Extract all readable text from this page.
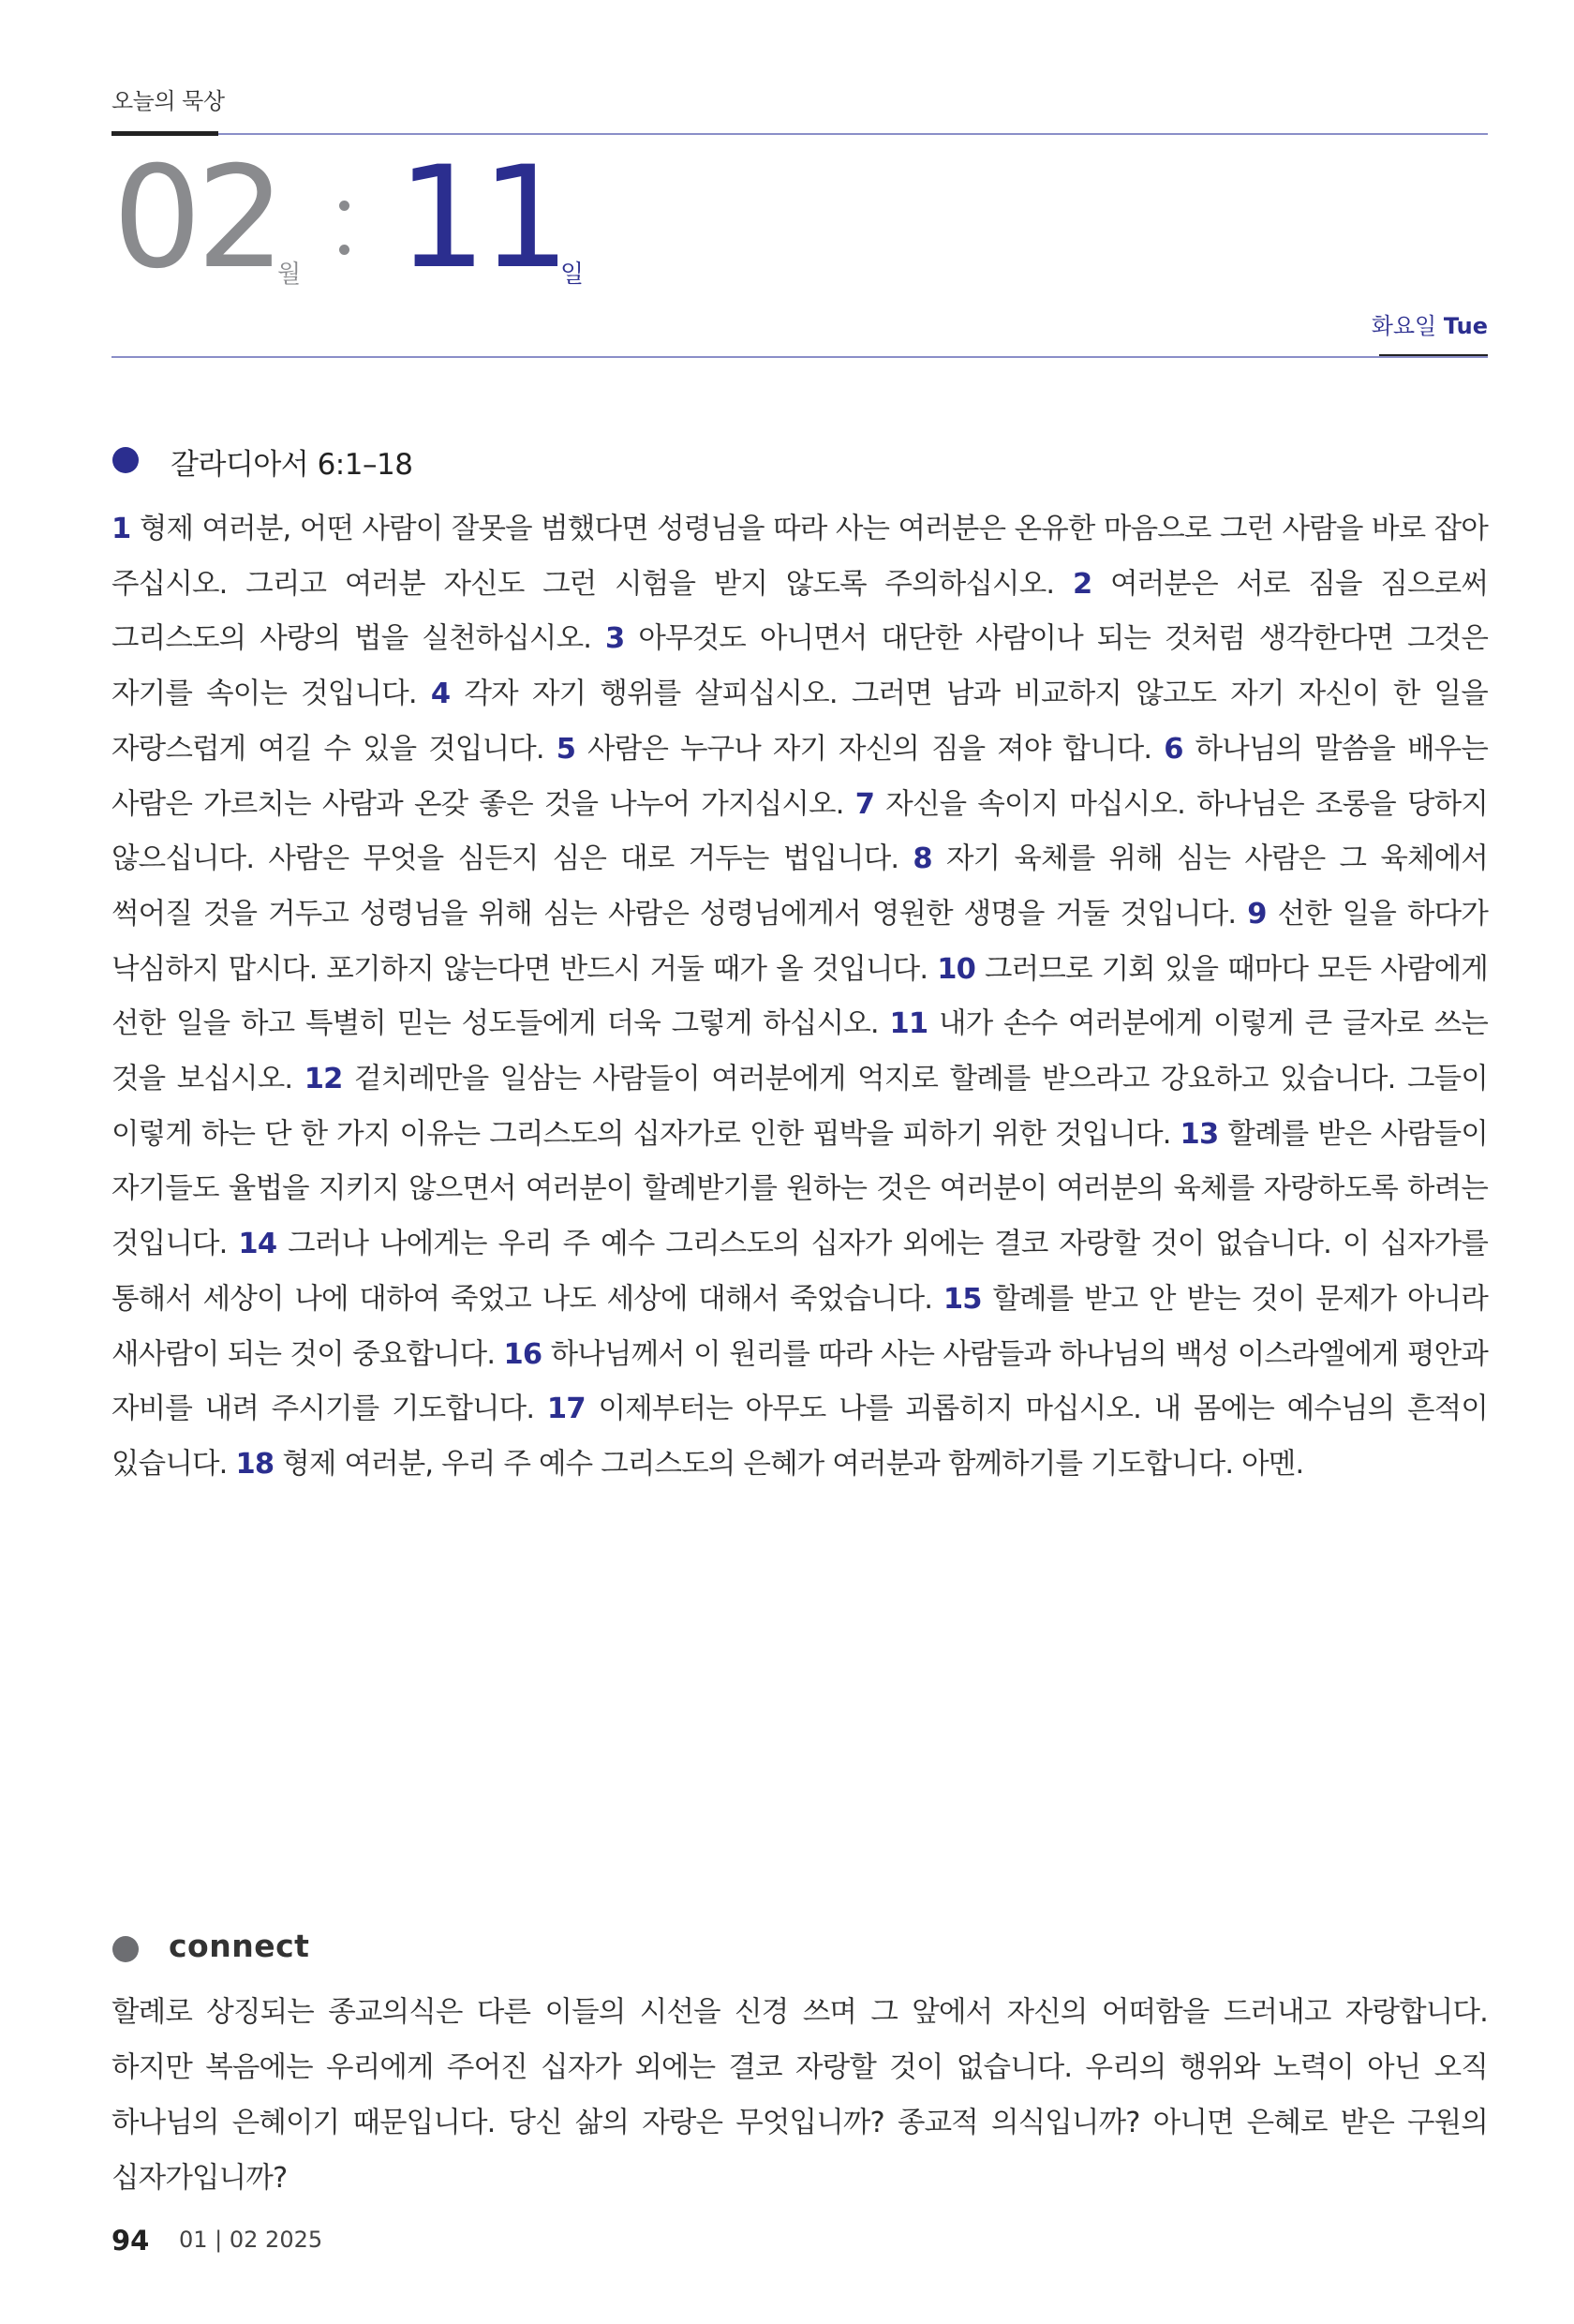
오늘의 묵상
02
월 11
일
화요일 Tue
갈라디아서 6:1–18
1 형제 여러분, 어떤 사람이 잘못을 범했다면 성령님을 따라 사는 여러분은 온유한 마음으로 그런 사람을 바로 잡아 주십시오. 그리고 여러분 자신도 그런 시험을 받지 않도록 주의하십시오. 2 여러분은 서로 짐을 짐으로써 그리스도의 사랑의 법을 실천하십시오. 3 아무것도 아니면서 대단한 사람이나 되는 것처럼 생각한다면 그것은 자기를 속이는 것입니다. 4 각자 자기 행위를 살피십시오. 그러면 남과 비교하지 않고도 자기 자신이 한 일을 자랑스럽게 여길 수 있을 것입니다. 5 사람은 누구나 자기 자신의 짐을 져야 합니다. 6 하나님의 말씀을 배우는 사람은 가르치는 사람과 온갖 좋은 것을 나누어 가지십시오. 7 자신을 속이지 마십시오. 하나님은 조롱을 당하지 않으십니다. 사람은 무엇을 심든지 심은 대로 거두는 법입니다. 8 자기 육체를 위해 심는 사람은 그 육체에서 썩어질 것을 거두고 성령님을 위해 심는 사람은 성령님에게서 영원한 생명을 거둘 것입니다. 9 선한 일을 하다가 낙심하지 맙시다. 포기하지 않는다면 반드시 거둘 때가 올 것입니다. 10 그러므로 기회 있을 때마다 모든 사람에게 선한 일을 하고 특별히 믿는 성도들에게 더욱 그렇게 하십시오. 11 내가 손수 여러분에게 이렇게 큰 글자로 쓰는 것을 보십시오. 12 겉치레만을 일삼는 사람들이 여러분에게 억지로 할례를 받으라고 강요하고 있습니다. 그들이 이렇게 하는 단 한 가지 이유는 그리스도의 십자가로 인한 핍박을 피하기 위한 것입니다. 13 할례를 받은 사람들이 자기들도 율법을 지키지 않으면서 여러분이 할례받기를 원하는 것은 여러분이 여러분의 육체를 자랑하도록 하려는 것입니다. 14 그러나 나에게는 우리 주 예수 그리스도의 십자가 외에는 결코 자랑할 것이 없습니다. 이 십자가를 통해서 세상이 나에 대하여 죽었고 나도 세상에 대해서 죽었습니다. 15 할례를 받고 안 받는 것이 문제가 아니라 새사람이 되는 것이 중요합니다. 16 하나님께서 이 원리를 따라 사는 사람들과 하나님의 백성 이스라엘에게 평안과 자비를 내려 주시기를 기도합니다. 17 이제부터는 아무도 나를 괴롭히지 마십시오. 내 몸에는 예수님의 흔적이 있습니다. 18 형제 여러분, 우리 주 예수 그리스도의 은혜가 여러분과 함께하기를 기도합니다. 아멘.
connect
할례로 상징되는 종교의식은 다른 이들의 시선을 신경 쓰며 그 앞에서 자신의 어떠함을 드러내고 자랑합니다. 하지만 복음에는 우리에게 주어진 십자가 외에는 결코 자랑할 것이 없습니다. 우리의 행위와 노력이 아닌 오직 하나님의 은혜이기 때문입니다. 당신 삶의 자랑은 무엇입니까? 종교적 의식입니까? 아니면 은혜로 받은 구원의 십자가입니까?
94 01 | 02 2025
